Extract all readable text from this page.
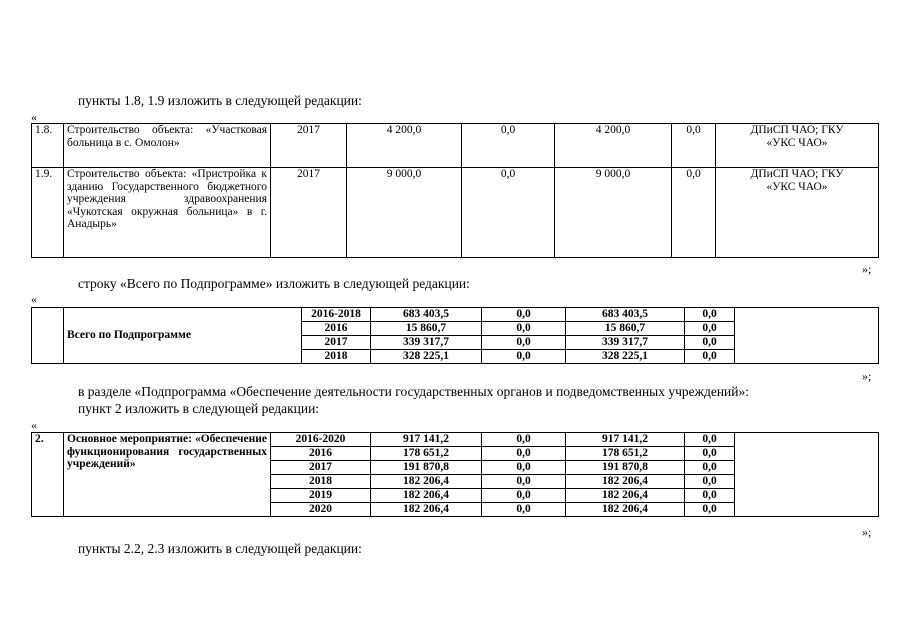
пункты 1.8, 1.9 изложить в следующей редакции:
«
1.8.	Строительство объекта: «Участковая больница в с. Омолон»	2017	4 200,0	0,0	4 200,0	0,0	ДПиСП ЧАО; ГКУ «УКС ЧАО»
1.9.	Строительство объекта: «Пристройка к зданию Государственного бюджетного учреждения здравоохранения «Чукотская окружная больница» в г. Анадырь»	2017	9 000,0	0,0	9 000,0	0,0	ДПиСП ЧАО; ГКУ «УКС ЧАО»
»;
строку «Всего по Подпрограмме» изложить в следующей редакции:
«
	Всего по Подпрограмме	2016-2018	683 403,5	0,0	683 403,5	0,0	
		2016	15 860,7	0,0	15 860,7	0,0	
		2017	339 317,7	0,0	339 317,7	0,0	
		2018	328 225,1	0,0	328 225,1	0,0	
»;
в разделе «Подпрограмма «Обеспечение деятельности государственных органов и подведомственных учреждений»:
пункт 2 изложить в следующей редакции:
«
2.	Основное мероприятие: «Обеспечение функционирования государственных учреждений»	2016-2020	917 141,2	0,0	917 141,2	0,0	
		2016	178 651,2	0,0	178 651,2	0,0	
		2017	191 870,8	0,0	191 870,8	0,0	
		2018	182 206,4	0,0	182 206,4	0,0	
		2019	182 206,4	0,0	182 206,4	0,0	
		2020	182 206,4	0,0	182 206,4	0,0	
»;
пункты 2.2, 2.3 изложить в следующей редакции:
